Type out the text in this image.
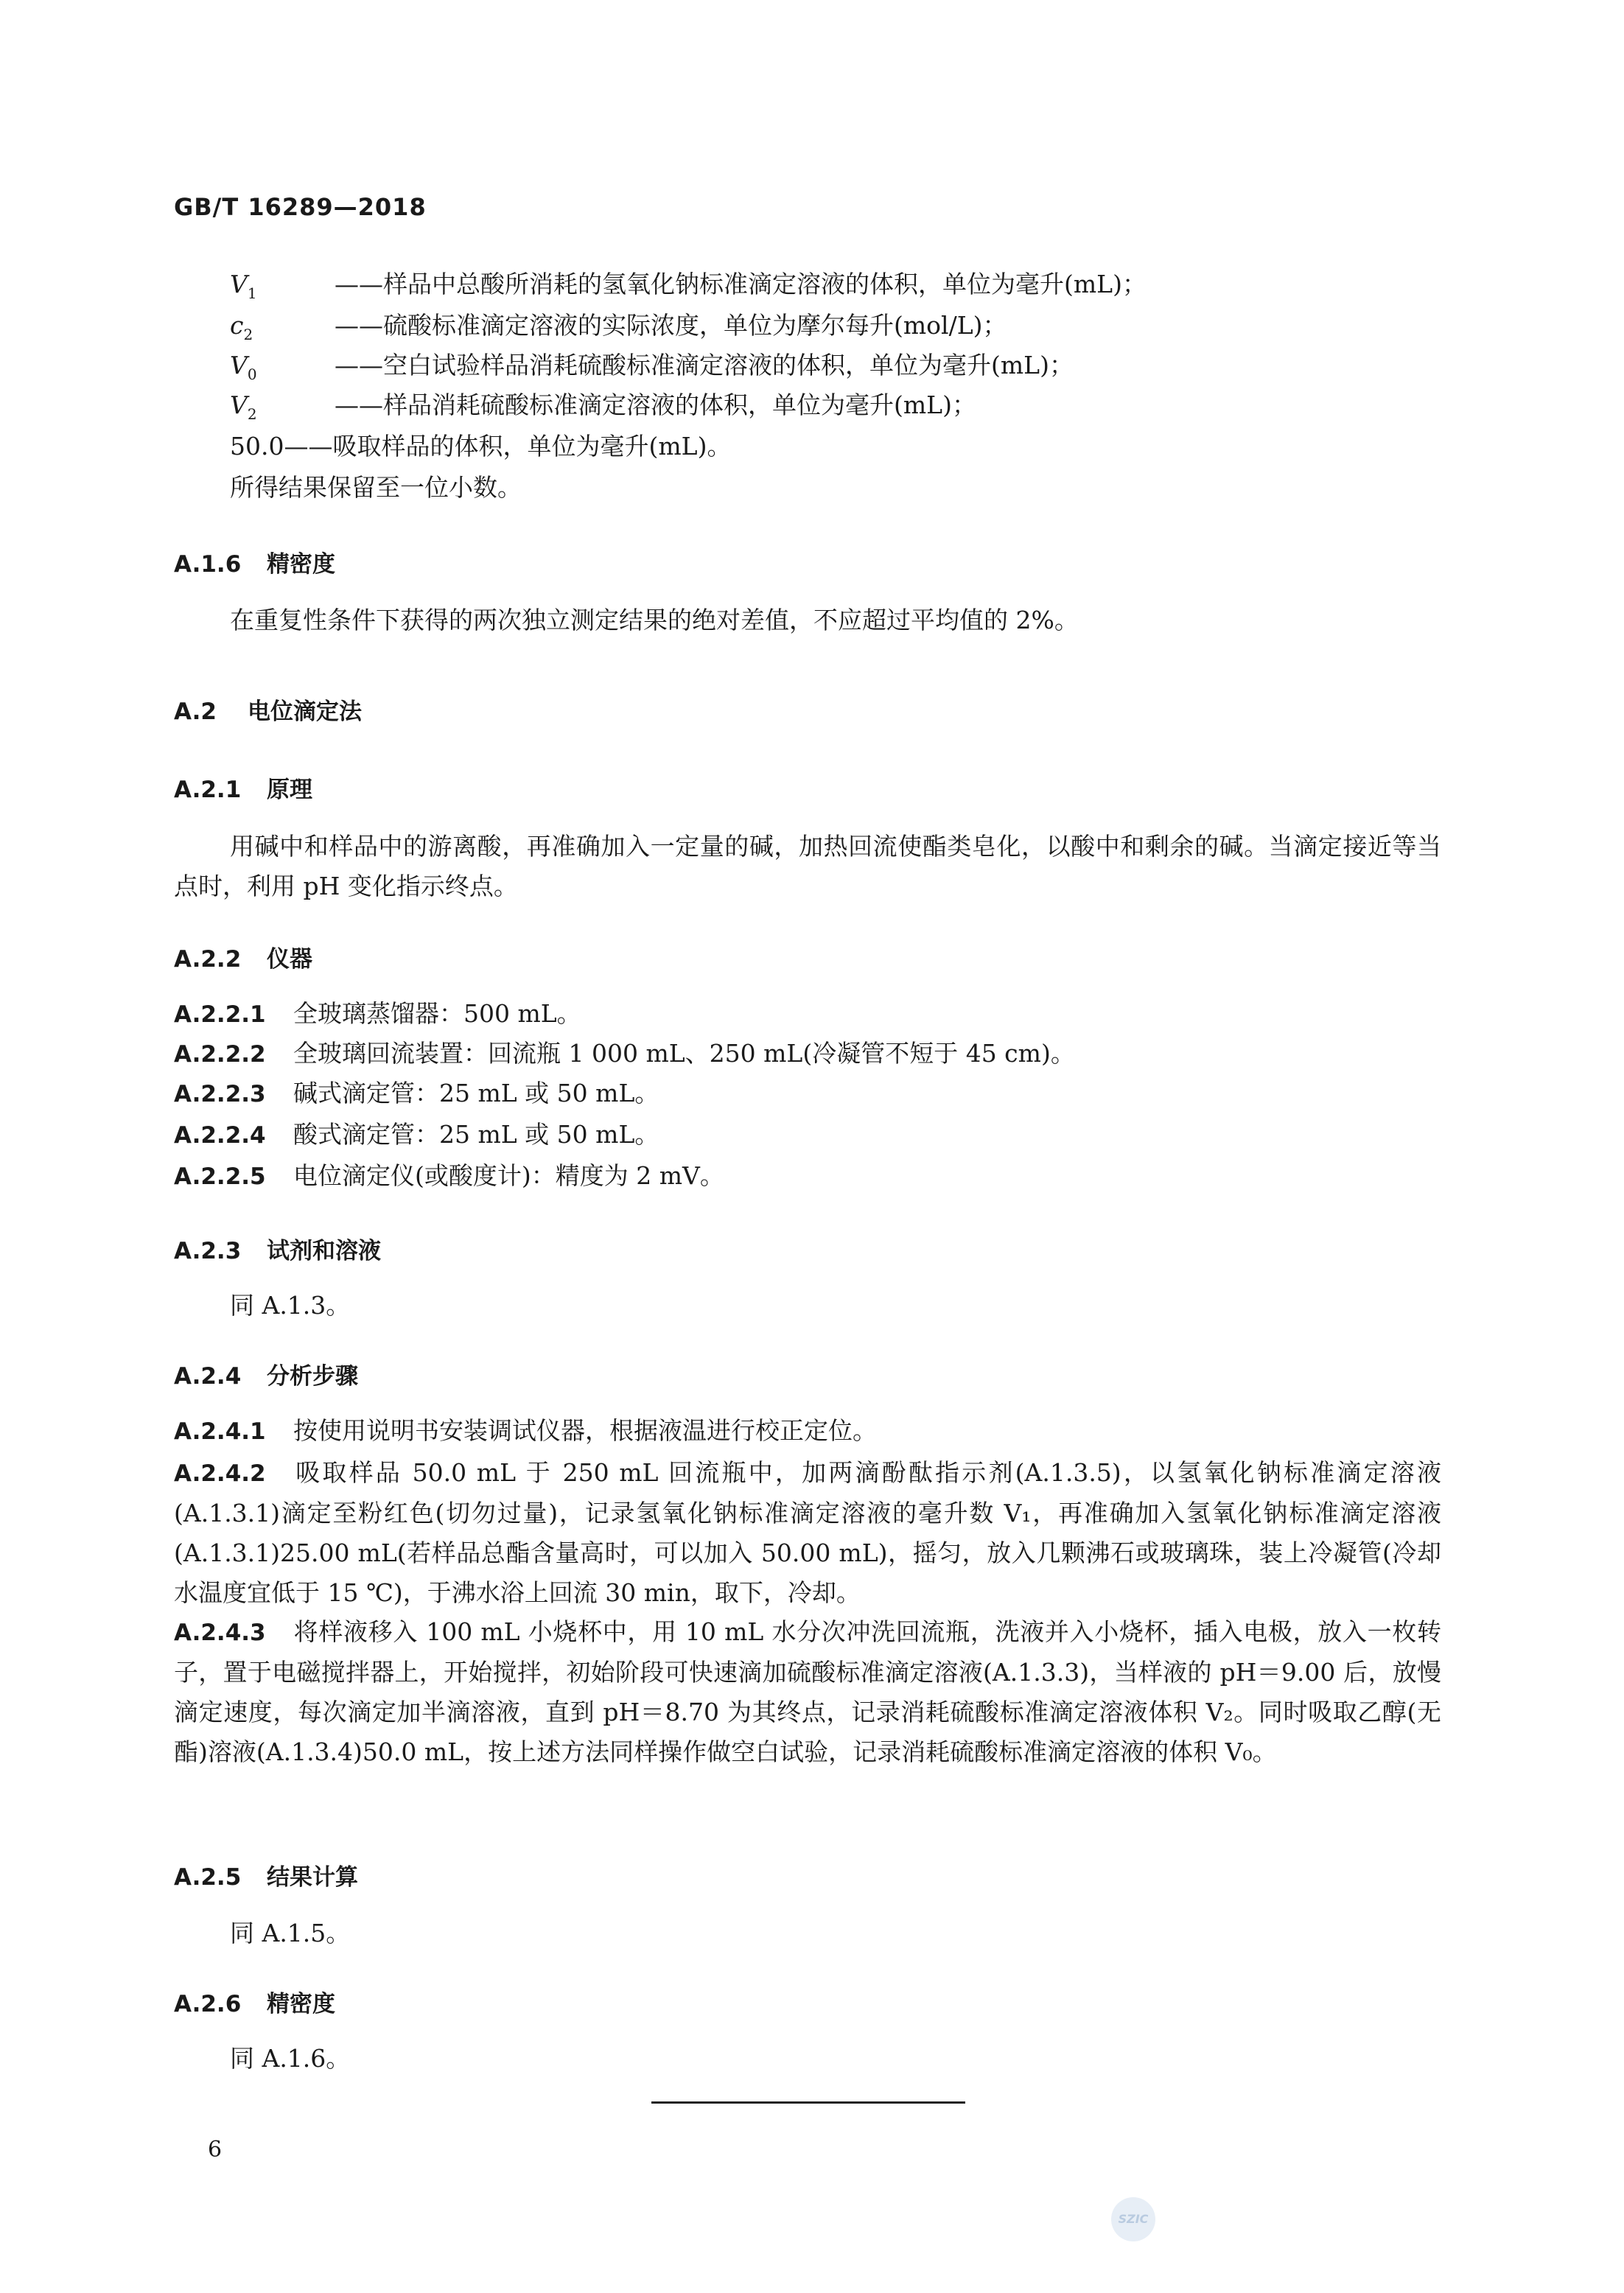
GB/T 16289—2018
$V_1$	——样品中总酸所消耗的氢氧化钠标准滴定溶液的体积，单位为毫升(mL)；
$c_2$	——硫酸标准滴定溶液的实际浓度，单位为摩尔每升(mol/L)；
$V_0$	——空白试验样品消耗硫酸标准滴定溶液的体积，单位为毫升(mL)；
$V_2$	——样品消耗硫酸标准滴定溶液的体积，单位为毫升(mL)；
50.0——吸取样品的体积，单位为毫升(mL)。
所得结果保留至一位小数。
A.1.6 精密度
在重复性条件下获得的两次独立测定结果的绝对差值，不应超过平均值的 2%。
A.2 电位滴定法
A.2.1 原理
用碱中和样品中的游离酸，再准确加入一定量的碱，加热回流使酯类皂化，以酸中和剩余的碱。当滴定接近等当点时，利用 pH 变化指示终点。
A.2.2 仪器
A.2.2.1 全玻璃蒸馏器：500 mL。
A.2.2.2 全玻璃回流装置：回流瓶 1 000 mL、250 mL(冷凝管不短于 45 cm)。
A.2.2.3 碱式滴定管：25 mL 或 50 mL。
A.2.2.4 酸式滴定管：25 mL 或 50 mL。
A.2.2.5 电位滴定仪(或酸度计)：精度为 2 mV。
A.2.3 试剂和溶液
同 A.1.3。
A.2.4 分析步骤
A.2.4.1 按使用说明书安装调试仪器，根据液温进行校正定位。
A.2.4.2 吸取样品 50.0 mL 于 250 mL 回流瓶中，加两滴酚酞指示剂(A.1.3.5)，以氢氧化钠标准滴定溶液(A.1.3.1)滴定至粉红色(切勿过量)，记录氢氧化钠标准滴定溶液的毫升数 V₁，再准确加入氢氧化钠标准滴定溶液(A.1.3.1)25.00 mL(若样品总酯含量高时，可以加入 50.00 mL)，摇匀，放入几颗沸石或玻璃珠，装上冷凝管(冷却水温度宜低于 15 ℃)，于沸水浴上回流 30 min，取下，冷却。
A.2.4.3 将样液移入 100 mL 小烧杯中，用 10 mL 水分次冲洗回流瓶，洗液并入小烧杯，插入电极，放入一枚转子，置于电磁搅拌器上，开始搅拌，初始阶段可快速滴加硫酸标准滴定溶液(A.1.3.3)，当样液的 pH＝9.00 后，放慢滴定速度，每次滴定加半滴溶液，直到 pH＝8.70 为其终点，记录消耗硫酸标准滴定溶液体积 V₂。同时吸取乙醇(无酯)溶液(A.1.3.4)50.0 mL，按上述方法同样操作做空白试验，记录消耗硫酸标准滴定溶液的体积 V₀。
A.2.5 结果计算
同 A.1.5。
A.2.6 精密度
同 A.1.6。
6
SZIC
